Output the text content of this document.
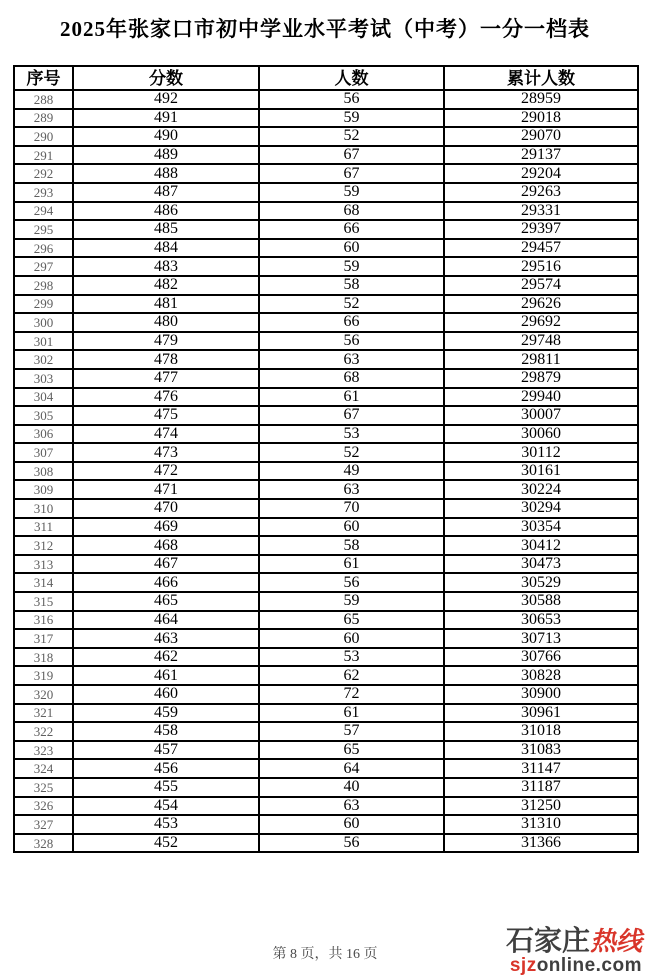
2025年张家口市初中学业水平考试（中考）一分一档表
序号	分数	人数	累计人数
288	492	56	28959
289	491	59	29018
290	490	52	29070
291	489	67	29137
292	488	67	29204
293	487	59	29263
294	486	68	29331
295	485	66	29397
296	484	60	29457
297	483	59	29516
298	482	58	29574
299	481	52	29626
300	480	66	29692
301	479	56	29748
302	478	63	29811
303	477	68	29879
304	476	61	29940
305	475	67	30007
306	474	53	30060
307	473	52	30112
308	472	49	30161
309	471	63	30224
310	470	70	30294
311	469	60	30354
312	468	58	30412
313	467	61	30473
314	466	56	30529
315	465	59	30588
316	464	65	30653
317	463	60	30713
318	462	53	30766
319	461	62	30828
320	460	72	30900
321	459	61	30961
322	458	57	31018
323	457	65	31083
324	456	64	31147
325	455	40	31187
326	454	63	31250
327	453	60	31310
328	452	56	31366
第 8 页，共 16 页	石家庄热线
sjzonline.com
